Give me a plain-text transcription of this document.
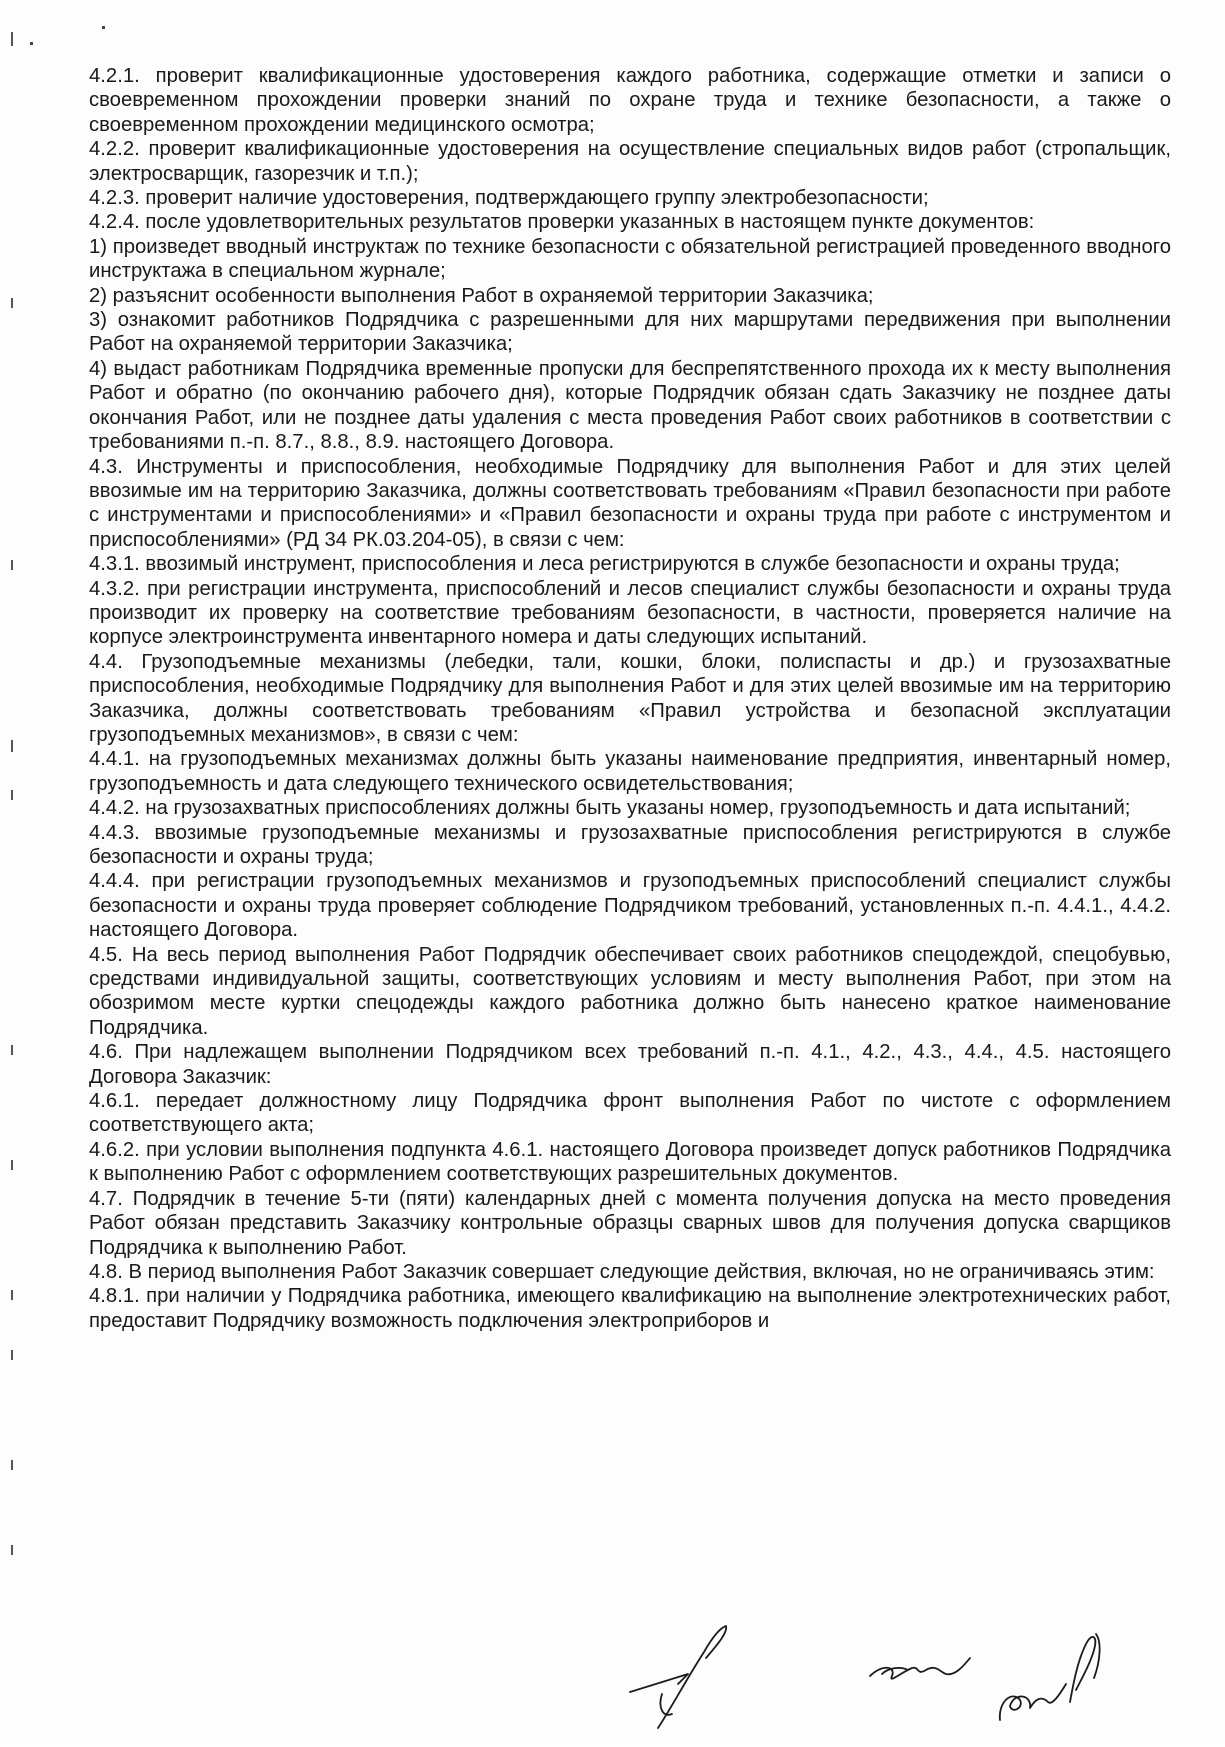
4.2.1. проверит квалификационные удостоверения каждого работника, содержащие отметки и записи о своевременном прохождении проверки знаний по охране труда и технике безопасности, а также о своевременном прохождении медицинского осмотра;

4.2.2. проверит квалификационные удостоверения на осуществление специальных видов работ (стропальщик, электросварщик, газорезчик и т.п.);

4.2.3. проверит наличие удостоверения, подтверждающего группу электробезопасности;

4.2.4. после удовлетворительных результатов проверки указанных в настоящем пункте документов:

1) произведет вводный инструктаж по технике безопасности с обязательной регистрацией проведенного вводного инструктажа в специальном журнале;

2) разъяснит особенности выполнения Работ в охраняемой территории Заказчика;

3) ознакомит работников Подрядчика с разрешенными для них маршрутами передвижения при выполнении Работ на охраняемой территории Заказчика;

4) выдаст работникам Подрядчика временные пропуски для беспрепятственного прохода их к месту выполнения Работ и обратно (по окончанию рабочего дня), которые Подрядчик обязан сдать Заказчику не позднее даты окончания Работ, или не позднее даты удаления с места проведения Работ своих работников в соответствии с требованиями п.-п. 8.7., 8.8., 8.9. настоящего Договора.

4.3. Инструменты и приспособления, необходимые Подрядчику для выполнения Работ и для этих целей ввозимые им на территорию Заказчика, должны соответствовать требованиям «Правил безопасности при работе с инструментами и приспособлениями» и «Правил безопасности и охраны труда при работе с инструментом и приспособлениями» (РД 34 РК.03.204-05), в связи с чем:

4.3.1. ввозимый инструмент, приспособления и леса регистрируются в службе безопасности и охраны труда;

4.3.2. при регистрации инструмента, приспособлений и лесов специалист службы безопасности и охраны труда производит их проверку на соответствие требованиям безопасности, в частности, проверяется наличие на корпусе электроинструмента инвентарного номера и даты следующих испытаний.

4.4. Грузоподъемные механизмы (лебедки, тали, кошки, блоки, полиспасты и др.) и грузозахватные приспособления, необходимые Подрядчику для выполнения Работ и для этих целей ввозимые им на территорию Заказчика, должны соответствовать требованиям «Правил устройства и безопасной эксплуатации грузоподъемных механизмов», в связи с чем:

4.4.1. на грузоподъемных механизмах должны быть указаны наименование предприятия, инвентарный номер, грузоподъемность и дата следующего технического освидетельствования;

4.4.2. на грузозахватных приспособлениях должны быть указаны номер, грузоподъемность и дата испытаний;

4.4.3. ввозимые грузоподъемные механизмы и грузозахватные приспособления регистрируются в службе безопасности и охраны труда;

4.4.4. при регистрации грузоподъемных механизмов и грузоподъемных приспособлений специалист службы безопасности и охраны труда проверяет соблюдение Подрядчиком требований, установленных п.-п. 4.4.1., 4.4.2. настоящего Договора.

4.5. На весь период выполнения Работ Подрядчик обеспечивает своих работников спецодеждой, спецобувью, средствами индивидуальной защиты, соответствующих условиям и месту выполнения Работ, при этом на обозримом месте куртки спецодежды каждого работника должно быть нанесено краткое наименование Подрядчика.

4.6. При надлежащем выполнении Подрядчиком всех требований п.-п. 4.1., 4.2., 4.3., 4.4., 4.5. настоящего Договора Заказчик:

4.6.1. передает должностному лицу Подрядчика фронт выполнения Работ по чистоте с оформлением соответствующего акта;

4.6.2. при условии выполнения подпункта 4.6.1. настоящего Договора произведет допуск работников Подрядчика к выполнению Работ с оформлением соответствующих разрешительных документов.

4.7. Подрядчик в течение 5-ти (пяти) календарных дней с момента получения допуска на место проведения Работ обязан представить Заказчику контрольные образцы сварных швов для получения допуска сварщиков Подрядчика к выполнению Работ.

4.8. В период выполнения Работ Заказчик совершает следующие действия, включая, но не ограничиваясь этим:

4.8.1. при наличии у Подрядчика работника, имеющего квалификацию на выполнение электротехнических работ, предоставит Подрядчику возможность подключения электроприборов и
